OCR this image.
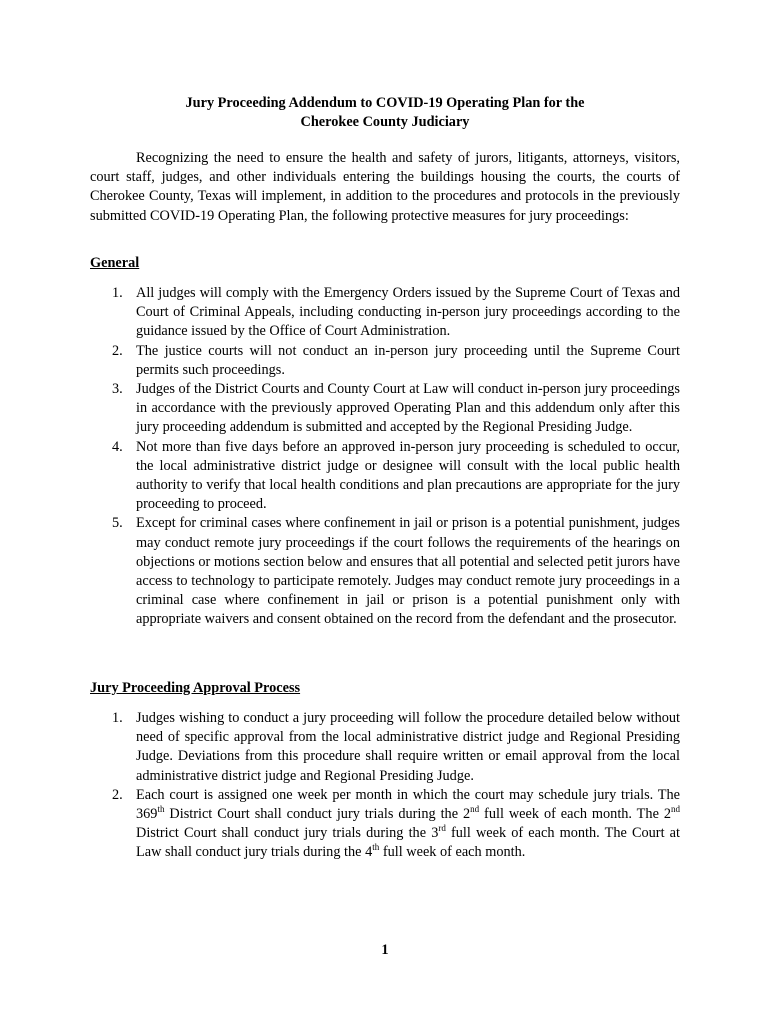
Jury Proceeding Addendum to COVID-19 Operating Plan for the
Cherokee County Judiciary

Recognizing the need to ensure the health and safety of jurors, litigants, attorneys, visitors, court staff, judges, and other individuals entering the buildings housing the courts, the courts of Cherokee County, Texas will implement, in addition to the procedures and protocols in the previously submitted COVID-19 Operating Plan, the following protective measures for jury proceedings:

General
1. All judges will comply with the Emergency Orders issued by the Supreme Court of Texas and Court of Criminal Appeals, including conducting in-person jury proceedings according to the guidance issued by the Office of Court Administration.
2. The justice courts will not conduct an in-person jury proceeding until the Supreme Court permits such proceedings.
3. Judges of the District Courts and County Court at Law will conduct in-person jury proceedings in accordance with the previously approved Operating Plan and this addendum only after this jury proceeding addendum is submitted and accepted by the Regional Presiding Judge.
4. Not more than five days before an approved in-person jury proceeding is scheduled to occur, the local administrative district judge or designee will consult with the local public health authority to verify that local health conditions and plan precautions are appropriate for the jury proceeding to proceed.
5. Except for criminal cases where confinement in jail or prison is a potential punishment, judges may conduct remote jury proceedings if the court follows the requirements of the hearings on objections or motions section below and ensures that all potential and selected petit jurors have access to technology to participate remotely. Judges may conduct remote jury proceedings in a criminal case where confinement in jail or prison is a potential punishment only with appropriate waivers and consent obtained on the record from the defendant and the prosecutor.
Jury Proceeding Approval Process
1. Judges wishing to conduct a jury proceeding will follow the procedure detailed below without need of specific approval from the local administrative district judge and Regional Presiding Judge. Deviations from this procedure shall require written or email approval from the local administrative district judge and Regional Presiding Judge.
2. Each court is assigned one week per month in which the court may schedule jury trials. The 369th District Court shall conduct jury trials during the 2nd full week of each month. The 2nd District Court shall conduct jury trials during the 3rd full week of each month. The Court at Law shall conduct jury trials during the 4th full week of each month.
1
